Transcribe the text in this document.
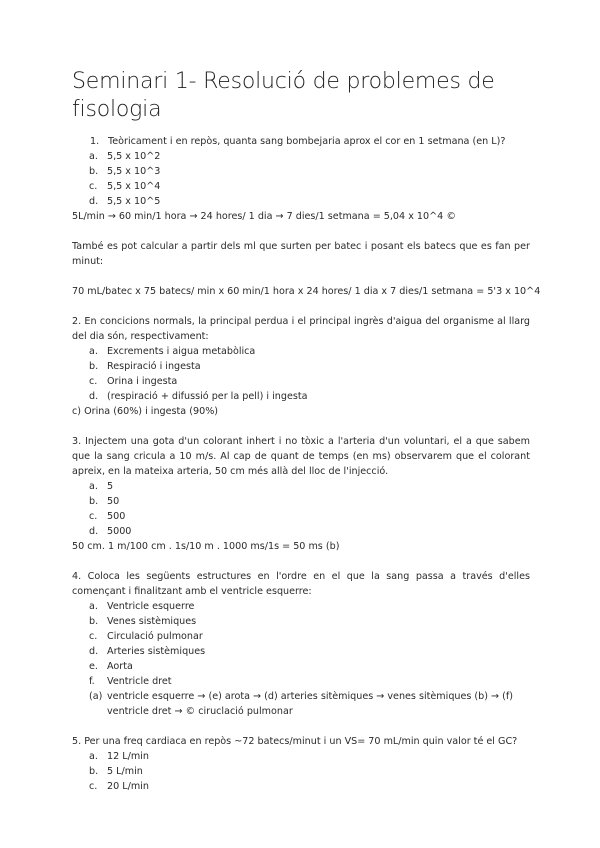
Seminari 1- Resolució de problemes de fisologia

1. Teòricament i en repòs, quanta sang bombejaria aprox el cor en 1 setmana (en L)?

a. 5,5 x 10^2

b. 5,5 x 10^3

c. 5,5 x 10^4

d. 5,5 x 10^5

5L/min → 60 min/1 hora → 24 hores/ 1 dia → 7 dies/1 setmana = 5,04 x 10^4 ©

També es pot calcular a partir dels ml que surten per batec i posant els batecs que es fan per minut:

70 mL/batec x 75 batecs/ min x 60 min/1 hora x 24 hores/ 1 dia x 7 dies/1 setmana = 5'3 x 10^4

2. En concicions normals, la principal perdua i el principal ingrès d'aigua del organisme al llarg del dia són, respectivament:

a. Excrements i aigua metabòlica

b. Respiració i ingesta

c. Orina i ingesta

d. (respiració + difussió per la pell) i ingesta

c) Orina (60%) i ingesta (90%)

3. Injectem una gota d'un colorant inhert i no tòxic a l'arteria d'un voluntari, el a que sabem que la sang cricula a 10 m/s. Al cap de quant de temps (en ms) observarem que el colorant apreix, en la mateixa arteria, 50 cm més allà del lloc de l'injecció.

a. 5

b. 50

c. 500

d. 5000

50 cm. 1 m/100 cm . 1s/10 m . 1000 ms/1s = 50 ms (b)

4. Coloca les següents estructures en l'ordre en el que la sang passa a través d'elles començant i finalitzant amb el ventricle esquerre:

a. Ventricle esquerre

b. Venes sistèmiques

c. Circulació pulmonar

d. Arteries sistèmiques

e. Aorta

f. Ventricle dret

(a) ventricle esquerre → (e) arota → (d) arteries sitèmiques → venes sitèmiques (b) → (f)

ventricle dret → © ciruclació pulmonar

5. Per una freq cardiaca en repòs ~72 batecs/minut i un VS= 70 mL/min quin valor té el GC?

a. 12 L/min

b. 5 L/min

c. 20 L/min
